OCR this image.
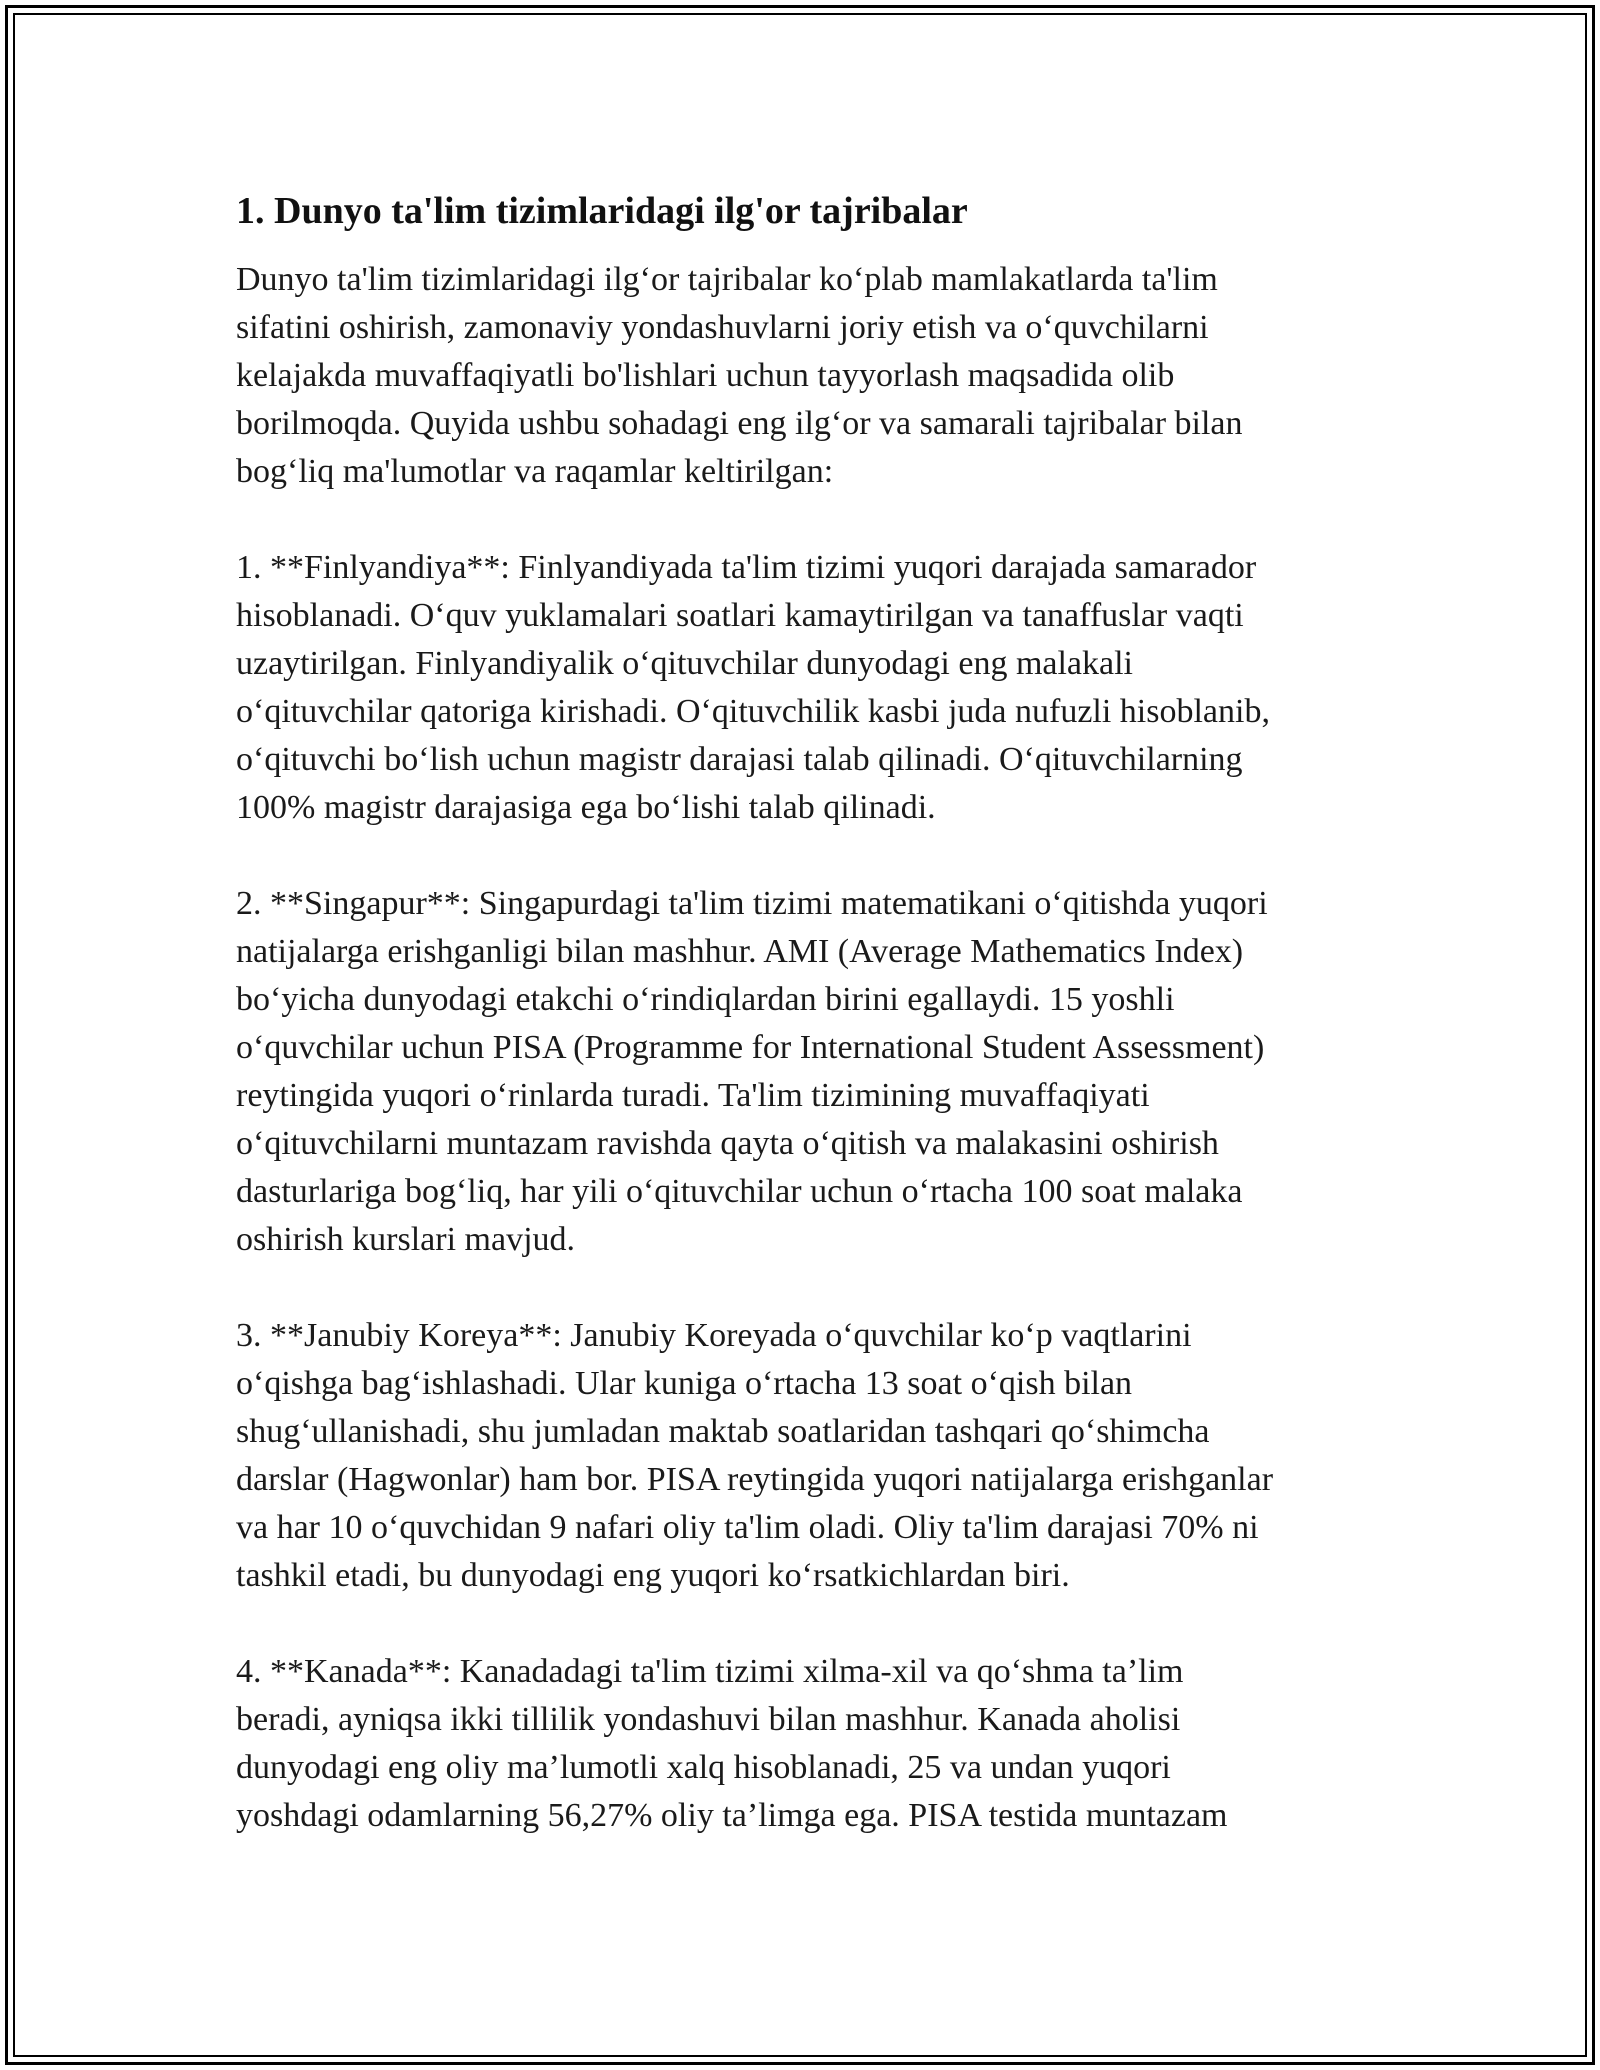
1. Dunyo ta'lim tizimlaridagi ilg'or tajribalar
Dunyo ta'lim tizimlaridagi ilg‘or tajribalar ko‘plab mamlakatlarda ta'lim
sifatini oshirish, zamonaviy yondashuvlarni joriy etish va o‘quvchilarni
kelajakda muvaffaqiyatli bo'lishlari uchun tayyorlash maqsadida olib
borilmoqda. Quyida ushbu sohadagi eng ilg‘or va samarali tajribalar bilan
bog‘liq ma'lumotlar va raqamlar keltirilgan:
1. **Finlyandiya**: Finlyandiyada ta'lim tizimi yuqori darajada samarador
hisoblanadi. O‘quv yuklamalari soatlari kamaytirilgan va tanaffuslar vaqti
uzaytirilgan. Finlyandiyalik o‘qituvchilar dunyodagi eng malakali
o‘qituvchilar qatoriga kirishadi. O‘qituvchilik kasbi juda nufuzli hisoblanib,
o‘qituvchi bo‘lish uchun magistr darajasi talab qilinadi. O‘qituvchilarning
100% magistr darajasiga ega bo‘lishi talab qilinadi.
2. **Singapur**: Singapurdagi ta'lim tizimi matematikani o‘qitishda yuqori
natijalarga erishganligi bilan mashhur. AMI (Average Mathematics Index)
bo‘yicha dunyodagi etakchi o‘rindiqlardan birini egallaydi. 15 yoshli
o‘quvchilar uchun PISA (Programme for International Student Assessment)
reytingida yuqori o‘rinlarda turadi. Ta'lim tizimining muvaffaqiyati
o‘qituvchilarni muntazam ravishda qayta o‘qitish va malakasini oshirish
dasturlariga bog‘liq, har yili o‘qituvchilar uchun o‘rtacha 100 soat malaka
oshirish kurslari mavjud.
3. **Janubiy Koreya**: Janubiy Koreyada o‘quvchilar ko‘p vaqtlarini
o‘qishga bag‘ishlashadi. Ular kuniga o‘rtacha 13 soat o‘qish bilan
shug‘ullanishadi, shu jumladan maktab soatlaridan tashqari qo‘shimcha
darslar (Hagwonlar) ham bor. PISA reytingida yuqori natijalarga erishganlar
va har 10 o‘quvchidan 9 nafari oliy ta'lim oladi. Oliy ta'lim darajasi 70% ni
tashkil etadi, bu dunyodagi eng yuqori ko‘rsatkichlardan biri.
4. **Kanada**: Kanadadagi ta'lim tizimi xilma-xil va qo‘shma ta’lim
beradi, ayniqsa ikki tillilik yondashuvi bilan mashhur. Kanada aholisi
dunyodagi eng oliy ma’lumotli xalq hisoblanadi, 25 va undan yuqori
yoshdagi odamlarning 56,27% oliy ta’limga ega. PISA testida muntazam
